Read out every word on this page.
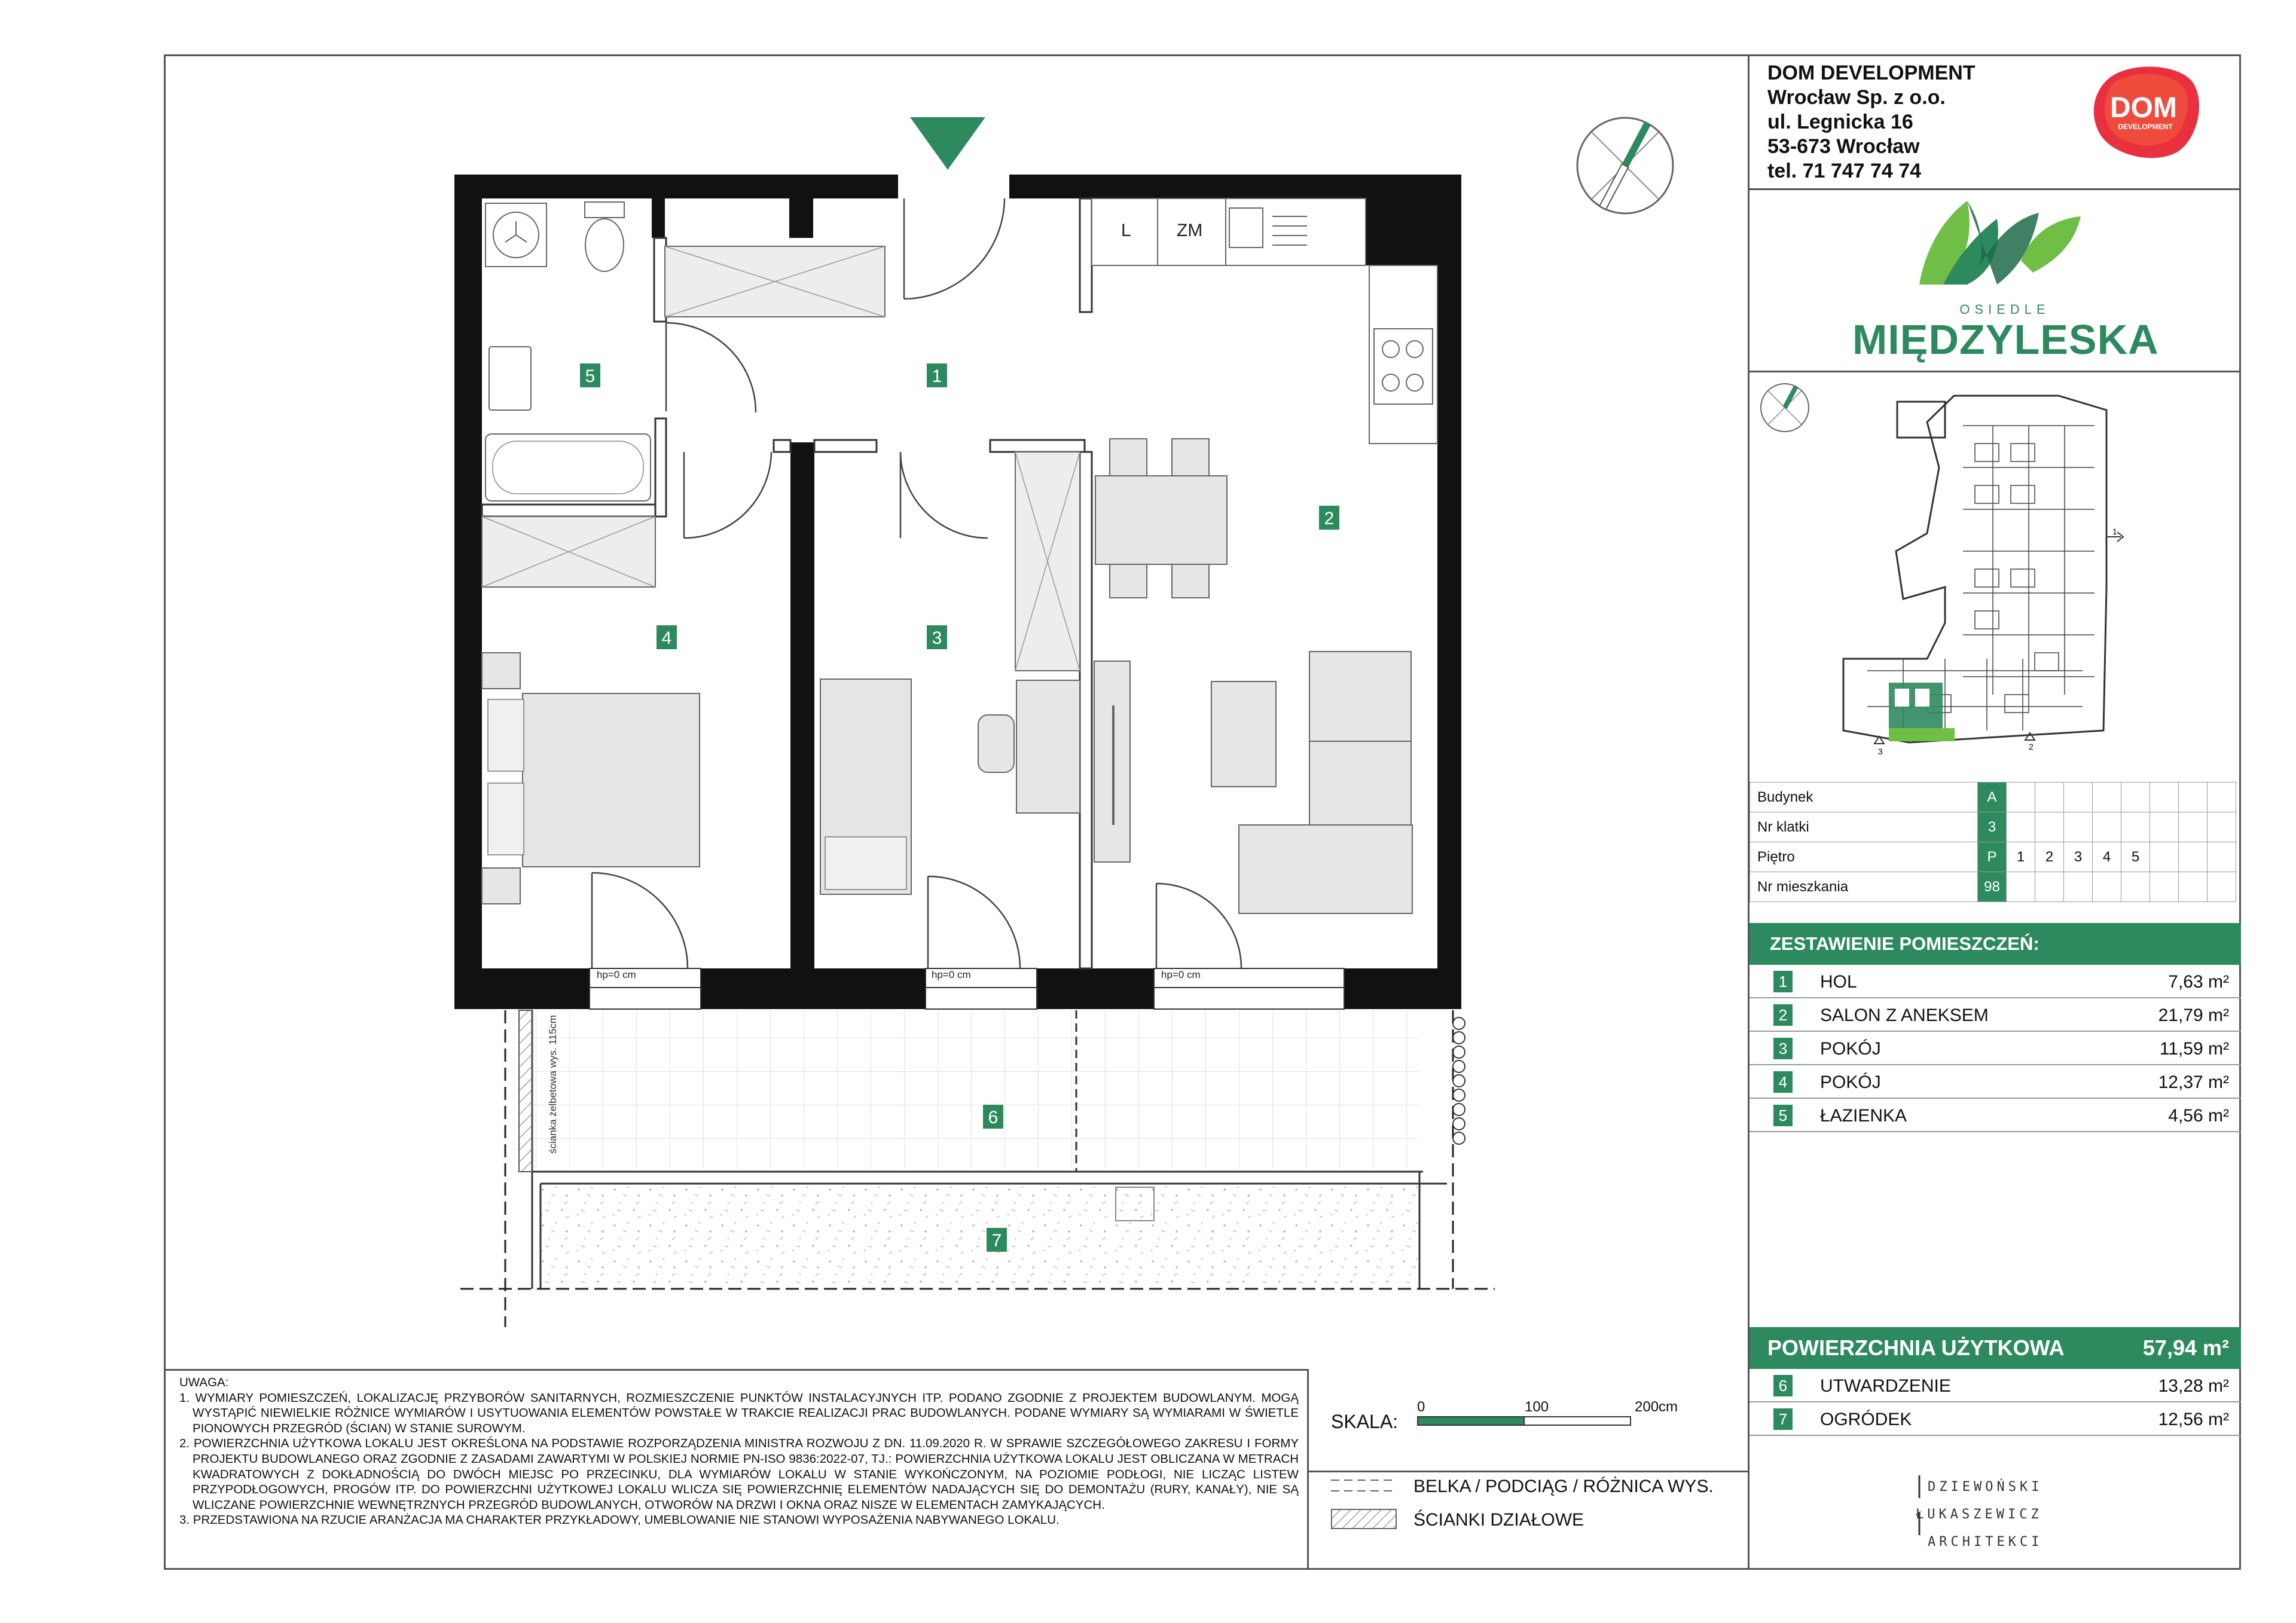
ścianka żelbetowa wys. 115cm
L	ZM
hp=0 cm	hp=0 cm	hp=0 cm
1
2
3
4
5
6
7
DOM DEVELOPMENT
Wrocław Sp. z o.o.
ul. Legnicka 16
53-673 Wrocław
tel. 71 747 74 74
DOM
DEVELOPMENT
OSIEDLE
MIĘDZYLESKA
1
2
3
Budynek	A								
Nr klatki	3								
Piętro	P	1	2	3	4	5			
Nr mieszkania	98								
ZESTAWIENIE POMIESZCZEŃ:
1 HOL	7,63 m²
2 SALON Z ANEKSEM	21,79 m²
3 POKÓJ	11,59 m²
4 POKÓJ	12,37 m²
5 ŁAZIENKA	4,56 m²
POWIERZCHNIA UŻYTKOWA	57,94 m²
6 UTWARDZENIE	13,28 m²
7 OGRÓDEK	12,56 m²
DZIEWOŃSKI
ŁUKASZEWICZ
ARCHITEKCI
UWAGA:

1. WYMIARY POMIESZCZEŃ, LOKALIZACJĘ PRZYBORÓW SANITARNYCH, ROZMIESZCZENIE PUNKTÓW INSTALACYJNYCH ITP. PODANO ZGODNIE Z PROJEKTEM BUDOWLANYM. MOGĄ WYSTĄPIĆ NIEWIELKIE RÓŻNICE WYMIARÓW I USYTUOWANIA ELEMENTÓW POWSTAŁE W TRAKCIE REALIZACJI PRAC BUDOWLANYCH. PODANE WYMIARY SĄ WYMIARAMI W ŚWIETLE PIONOWYCH PRZEGRÓD (ŚCIAN) W STANIE SUROWYM.

2. POWIERZCHNIA UŻYTKOWA LOKALU JEST OKREŚLONA NA PODSTAWIE ROZPORZĄDZENIA MINISTRA ROZWOJU Z DN. 11.09.2020 R. W SPRAWIE SZCZEGÓŁOWEGO ZAKRESU I FORMY PROJEKTU BUDOWLANEGO ORAZ ZGODNIE Z ZASADAMI ZAWARTYMI W POLSKIEJ NORMIE PN-ISO 9836:2022-07, TJ.: POWIERZCHNIA UŻYTKOWA LOKALU JEST OBLICZANA W METRACH KWADRATOWYCH Z DOKŁADNOŚCIĄ DO DWÓCH MIEJSC PO PRZECINKU, DLA WYMIARÓW LOKALU W STANIE WYKOŃCZONYM, NA POZIOMIE PODŁOGI, NIE LICZĄC LISTEW PRZYPODŁOGOWYCH, PROGÓW ITP. DO POWIERZCHNI UŻYTKOWEJ LOKALU WLICZA SIĘ POWIERZCHNIĘ ELEMENTÓW NADAJĄCYCH SIĘ DO DEMONTAŻU (RURY, KANAŁY), NIE SĄ WLICZANE POWIERZCHNIE WEWNĘTRZNYCH PRZEGRÓD BUDOWLANYCH, OTWORÓW NA DRZWI I OKNA ORAZ NISZE W ELEMENTACH ZAMYKAJĄCYCH.

3. PRZEDSTAWIONA NA RZUCIE ARANŻACJA MA CHARAKTER PRZYKŁADOWY, UMEBLOWANIE NIE STANOWI WYPOSAŻENIA NABYWANEGO LOKALU.

SKALA:
0	100	200cm
BELKA / PODCIĄG / RÓŻNICA WYS.
ŚCIANKI DZIAŁOWE
